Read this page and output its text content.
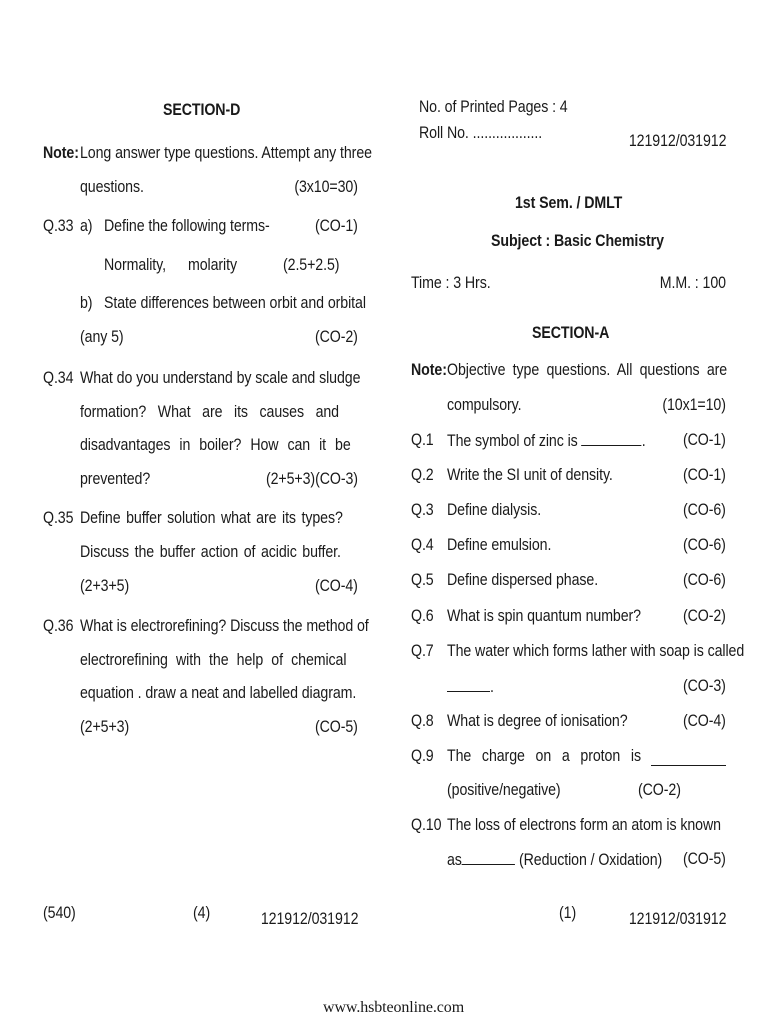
SECTION-D
Note: Long answer type questions. Attempt any three
questions.	(3x10=30)
Q.33 a) Define the following terms-	(CO-1)
Normality, molarity	(2.5+2.5)
b) State differences between orbit and orbital
(any 5)	(CO-2)
Q.34 What do you understand by scale and sludge
formation? What are its causes and
disadvantages in boiler? How can it be
prevented?	(2+5+3)(CO-3)
Q.35 Define buffer solution what are its types?
Discuss the buffer action of acidic buffer.
(2+3+5)	(CO-4)
Q.36 What is electrorefining? Discuss the method of
electrorefining with the help of chemical
equation . draw a neat and labelled diagram.
(2+5+3)	(CO-5)
(540)	(4)	121912/031912
No. of Printed Pages : 4
Roll No. ..................	121912/031912
1st Sem. / DMLT
Subject : Basic Chemistry
Time : 3 Hrs.	M.M. : 100
SECTION-A
Note: Objective type questions. All questions are
compulsory.	(10x1=10)
Q.1 The symbol of zinc is	. (CO-1)
Q.2 Write the SI unit of density.	(CO-1)
Q.3 Define dialysis.	(CO-6)
Q.4 Define emulsion.	(CO-6)
Q.5 Define dispersed phase.	(CO-6)
Q.6 What is spin quantum number?	(CO-2)
Q.7 The water which forms lather with soap is called
.	(CO-3)
Q.8 What is degree of ionisation?	(CO-4)
Q.9 The charge on a proton is
(positive/negative)	(CO-2)
Q.10 The loss of electrons form an atom is known
as	(Reduction / Oxidation) (CO-5)
(1)	121912/031912
www.hsbteonline.com
